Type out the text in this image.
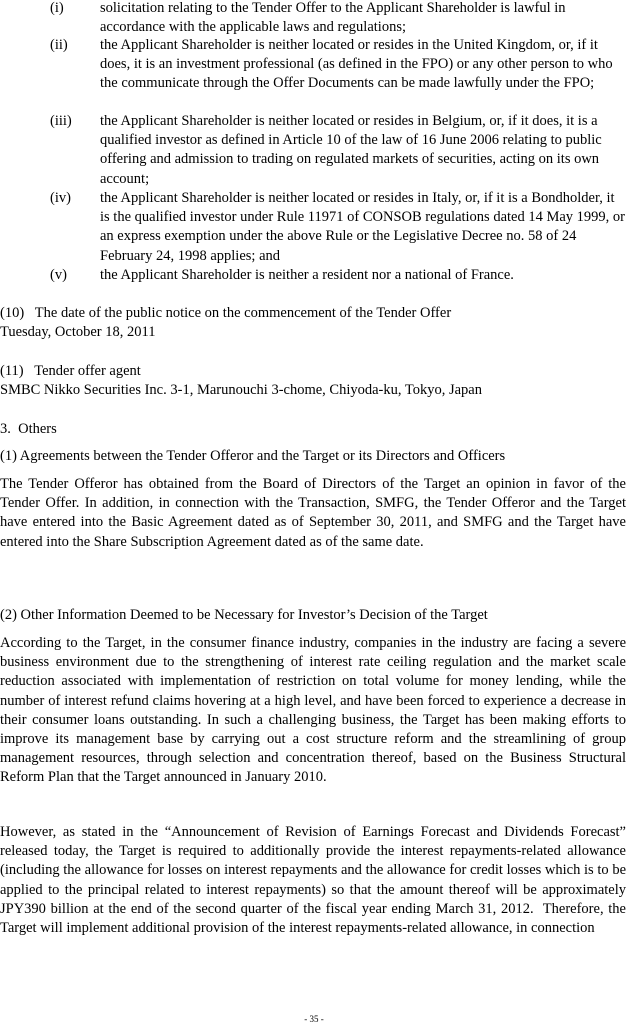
(i)	solicitation relating to the Tender Offer to the Applicant Shareholder is lawful in accordance with the applicable laws and regulations;
(ii)	the Applicant Shareholder is neither located or resides in the United Kingdom, or, if it does, it is an investment professional (as defined in the FPO) or any other person to who the communicate through the Offer Documents can be made lawfully under the FPO;
(iii)	the Applicant Shareholder is neither located or resides in Belgium, or, if it does, it is a qualified investor as defined in Article 10 of the law of 16 June 2006 relating to public offering and admission to trading on regulated markets of securities, acting on its own account;
(iv)	the Applicant Shareholder is neither located or resides in Italy, or, if it is a Bondholder, it is the qualified investor under Rule 11971 of CONSOB regulations dated 14 May 1999, or an express exemption under the above Rule or the Legislative Decree no. 58 of 24 February 24, 1998 applies; and
(v)	the Applicant Shareholder is neither a resident nor a national of France.
(10)   The date of the public notice on the commencement of the Tender Offer
Tuesday, October 18, 2011
(11)   Tender offer agent
SMBC Nikko Securities Inc. 3-1, Marunouchi 3-chome, Chiyoda-ku, Tokyo, Japan
3.  Others
(1) Agreements between the Tender Offeror and the Target or its Directors and Officers
The Tender Offeror has obtained from the Board of Directors of the Target an opinion in favor of the Tender Offer. In addition, in connection with the Transaction, SMFG, the Tender Offeror and the Target have entered into the Basic Agreement dated as of September 30, 2011, and SMFG and the Target have entered into the Share Subscription Agreement dated as of the same date.
(2) Other Information Deemed to be Necessary for Investor’s Decision of the Target
According to the Target, in the consumer finance industry, companies in the industry are facing a severe business environment due to the strengthening of interest rate ceiling regulation and the market scale reduction associated with implementation of restriction on total volume for money lending, while the number of interest refund claims hovering at a high level, and have been forced to experience a decrease in their consumer loans outstanding. In such a challenging business, the Target has been making efforts to improve its management base by carrying out a cost structure reform and the streamlining of group management resources, through selection and concentration thereof, based on the Business Structural Reform Plan that the Target announced in January 2010.
However, as stated in the “Announcement of Revision of Earnings Forecast and Dividends Forecast” released today, the Target is required to additionally provide the interest repayments-related allowance (including the allowance for losses on interest repayments and the allowance for credit losses which is to be applied to the principal related to interest repayments) so that the amount thereof will be approximately JPY390 billion at the end of the second quarter of the fiscal year ending March 31, 2012.  Therefore, the Target will implement additional provision of the interest repayments-related allowance, in connection
- 35 -
